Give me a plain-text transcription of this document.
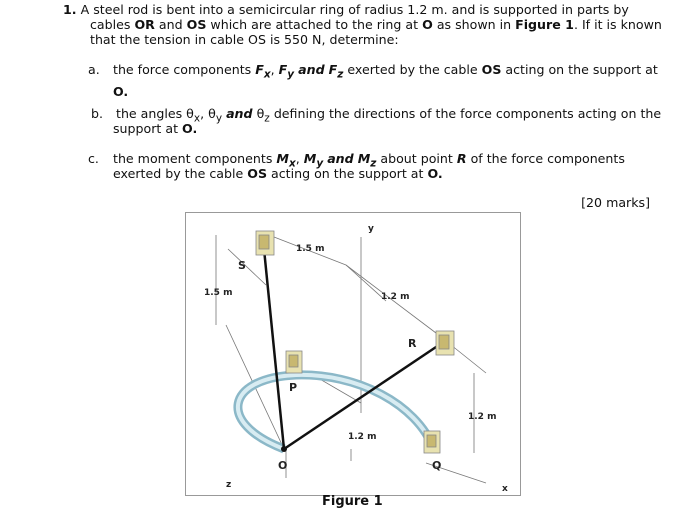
1. A steel rod is bent into a semicircular ring of radius 1.2 m. and is supported in parts by
cables OR and OS which are attached to the ring at O as shown in Figure 1. If it is known
that the tension in cable OS is 550 N, determine:
a. the force components $F_x$, $F_y$ and $F_z$ exerted by the cable OS acting on the support at
O.
b. the angles $\theta_x$, $\theta_y$ and $\theta_z$ defining the directions of the force components acting on the
support at O.
c. the moment components $M_x$, $M_y$ and $M_z$ about point R of the force components
exerted by the cable OS acting on the support at O.
[20 marks]
1.5 m
1.5 m	1.2 m
1.2 m
1.2 m
y
x
z
S
R
P
O	Q
Figure 1
